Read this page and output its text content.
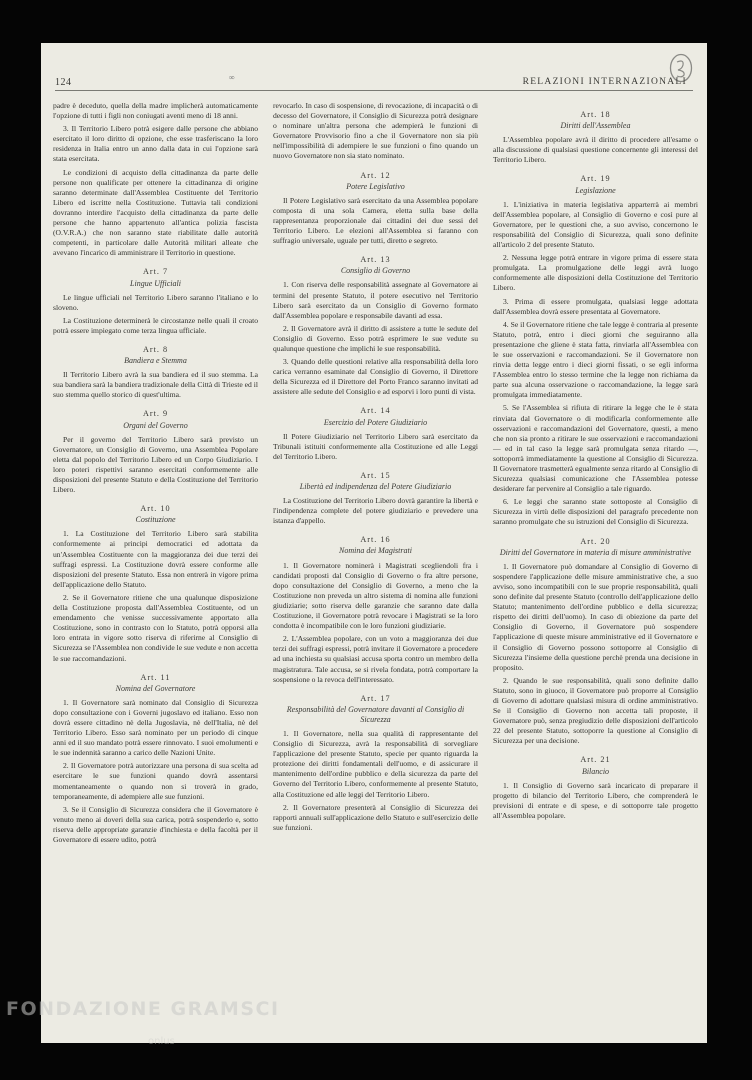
124	∞	RELAZIONI INTERNAZIONALI

padre è deceduto, quella della madre implicherà automaticamente l'opzione di tutti i figli non coniugati aventi meno di 18 anni.

3. Il Territorio Libero potrà esigere dalle persone che abbiano esercitato il loro diritto di opzione, che esse trasferiscano la loro residenza in Italia entro un anno dalla data in cui l'opzione sarà stata esercitata.

Le condizioni di acquisto della cittadinanza da parte delle persone non qualificate per ottenere la cittadinanza di origine saranno determinate dall'Assemblea Costituente del Territorio Libero ed iscritte nella Costituzione. Tuttavia tali condizioni dovranno interdire l'acquisto della cittadinanza da parte delle persone che hanno appartenuto all'antica polizia fascista (O.V.R.A.) che non saranno state riabilitate dalle autorità competenti, in particolare dalle Autorità militari alleate che avevano l'incarico di amministrare il Territorio in questione.

Art. 7
Lingue Ufficiali

Le lingue ufficiali nel Territorio Libero saranno l'italiano e lo sloveno.

La Costituzione determinerà le circostanze nelle quali il croato potrà essere impiegato come terza lingua ufficiale.

Art. 8
Bandiera e Stemma

Il Territorio Libero avrà la sua bandiera ed il suo stemma. La sua bandiera sarà la bandiera tradizionale della Città di Trieste ed il suo stemma quello storico di quest'ultima.

Art. 9
Organi del Governo

Per il governo del Territorio Libero sarà previsto un Governatore, un Consiglio di Governo, una Assemblea Popolare eletta dal popolo del Territorio Libero ed un Corpo Giudiziario. I loro poteri rispettivi saranno esercitati conformemente alle disposizioni del presente Statuto e della Costituzione del Territorio Libero.

Art. 10
Costituzione

1. La Costituzione del Territorio Libero sarà stabilita conformemente ai principi democratici ed adottata da un'Assemblea Costituente con la maggioranza dei due terzi dei suffragi espressi. La Costituzione dovrà essere conforme alle disposizioni del presente Statuto. Essa non entrerà in vigore prima dell'applicazione dello Statuto.

2. Se il Governatore ritiene che una qualunque disposizione della Costituzione proposta dall'Assemblea Costituente, od un emendamento che venisse successivamente apportato alla Costituzione, sono in contrasto con lo Statuto, potrà opporsi alla loro entrata in vigore sotto riserva di riferirne al Consiglio di Sicurezza se l'Assemblea non condivide le sue vedute e non accetta le sue raccomandazioni.

Art. 11
Nomina del Governatore

1. Il Governatore sarà nominato dal Consiglio di Sicurezza dopo consultazione con i Governi jugoslavo ed italiano. Esso non dovrà essere cittadino nè della Jugoslavia, nè dell'Italia, nè del Territorio Libero. Esso sarà nominato per un periodo di cinque anni ed il suo mandato potrà essere rinnovato. I suoi emolumenti e le sue indennità saranno a carico delle Nazioni Unite.

2. Il Governatore potrà autorizzare una persona di sua scelta ad esercitare le sue funzioni quando dovrà assentarsi momentaneamente o quando non si troverà in grado, temporaneamente, di adempiere alle sue funzioni.

3. Se il Consiglio di Sicurezza considera che il Governatore è venuto meno ai doveri della sua carica, potrà sospenderlo e, sotto riserva delle appropriate garanzie d'inchiesta e della facoltà per il Governatore di essere udito, potrà

revocarlo. In caso di sospensione, di revocazione, di incapacità o di decesso del Governatore, il Consiglio di Sicurezza potrà designare o nominare un'altra persona che adempierà le funzioni di Governatore Provvisorio fino a che il Governatore non sia più nell'impossibilità di adempiere le sue funzioni o fino quando un nuovo Governatore non sia stato nominato.

Art. 12
Potere Legislativo

Il Potere Legislativo sarà esercitato da una Assemblea popolare composta di una sola Camera, eletta sulla base della rappresentanza proporzionale dai cittadini dei due sessi del Territorio Libero. Le elezioni all'Assemblea si faranno con suffragio universale, uguale per tutti, diretto e segreto.

Art. 13
Consiglio di Governo

1. Con riserva delle responsabilità assegnate al Governatore ai termini del presente Statuto, il potere esecutivo nel Territorio Libero sarà esercitato da un Consiglio di Governo formato dall'Assemblea popolare e responsabile davanti ad essa.

2. Il Governatore avrà il diritto di assistere a tutte le sedute del Consiglio di Governo. Esso potrà esprimere le sue vedute su qualunque questione che implichi le sue responsabilità.

3. Quando delle questioni relative alla responsabilità della loro carica verranno esaminate dal Consiglio di Governo, il Direttore della Sicurezza ed il Direttore del Porto Franco saranno invitati ad assistere alle sedute del Consiglio e ad esporvi i loro punti di vista.

Art. 14
Esercizio del Potere Giudiziario

Il Potere Giudiziario nel Territorio Libero sarà esercitato da Tribunali istituiti conformemente alla Costituzione ed alle Leggi del Territorio Libero.

Art. 15
Libertà ed indipendenza del Potere Giudiziario

La Costituzione del Territorio Libero dovrà garantire la libertà e l'indipendenza complete del potere giudiziario e prevedere una istanza d'appello.

Art. 16
Nomina dei Magistrati

1. Il Governatore nominerà i Magistrati scegliendoli fra i candidati proposti dal Consiglio di Governo o fra altre persone, dopo consultazione del Consiglio di Governo, a meno che la Costituzione non preveda un altro sistema di nomina alle funzioni giudiziarie; sotto riserva delle garanzie che saranno date dalla Costituzione, il Governatore potrà revocare i Magistrati se la loro condotta è incompatibile con le loro funzioni giudiziarie.

2. L'Assemblea popolare, con un voto a maggioranza dei due terzi dei suffragi espressi, potrà invitare il Governatore a procedere ad una inchiesta su qualsiasi accusa sporta contro un membro della magistratura. Tale accusa, se si rivela fondata, potrà comportare la sospensione o la revoca dell'interessato.

Art. 17
Responsabilità del Governatore davanti al Consiglio di Sicurezza

1. Il Governatore, nella sua qualità di rappresentante del Consiglio di Sicurezza, avrà la responsabilità di sorvegliare l'applicazione del presente Statuto, specie per quanto riguarda la protezione dei diritti fondamentali dell'uomo, e di assicurare il mantenimento dell'ordine pubblico e della sicurezza da parte del Governo del Territorio Libero, conformemente al presente Statuto, alla Costituzione ed alle leggi del Territorio Libero.

2. Il Governatore presenterà al Consiglio di Sicurezza dei rapporti annuali sull'applicazione dello Statuto e sull'esercizio delle sue funzioni.

Art. 18
Diritti dell'Assemblea

L'Assemblea popolare avrà il diritto di procedere all'esame o alla discussione di qualsiasi questione concernente gli interessi del Territorio Libero.

Art. 19
Legislazione

1. L'iniziativa in materia legislativa apparterrà ai membri dell'Assemblea popolare, al Consiglio di Governo e così pure al Governatore, per le questioni che, a suo avviso, concernono le responsabilità del Consiglio di Sicurezza, quali sono definite all'articolo 2 del presente Statuto.

2. Nessuna legge potrà entrare in vigore prima di essere stata promulgata. La promulgazione delle leggi avrà luogo conformemente alle disposizioni della Costituzione del Territorio Libero.

3. Prima di essere promulgata, qualsiasi legge adottata dall'Assemblea dovrà essere presentata al Governatore.

4. Se il Governatore ritiene che tale legge è contraria al presente Statuto, potrà, entro i dieci giorni che seguiranno alla presentazione che gliene è stata fatta, rinviarla all'Assemblea con le sue osservazioni e raccomandazioni. Se il Governatore non rinvia detta legge entro i dieci giorni fissati, o se egli informa l'Assemblea entro lo stesso termine che la legge non richiama da parte sua alcuna osservazione o raccomandazione, la legge sarà promulgata immediatamente.

5. Se l'Assemblea si rifiuta di ritirare la legge che le è stata rinviata dal Governatore o di modificarla conformemente alle osservazioni e raccomandazioni del Governatore, questi, a meno che non sia pronto a ritirare le sue osservazioni e raccomandazioni — ed in tal caso la legge sarà promulgata senza ritardo —, sottoporrà immediatamente la questione al Consiglio di Sicurezza. Il Governatore trasmetterà egualmente senza ritardo al Consiglio di Sicurezza qualsiasi comunicazione che l'Assemblea potesse desiderare far pervenire al Consiglio a tale riguardo.

6. Le leggi che saranno state sottoposte al Consiglio di Sicurezza in virtù delle disposizioni del paragrafo precedente non saranno promulgate che su istruzioni del Consiglio di Sicurezza.

Art. 20
Diritti del Governatore in materia di misure amministrative

1. Il Governatore può domandare al Consiglio di Governo di sospendere l'applicazione delle misure amministrative che, a suo avviso, sono incompatibili con le sue proprie responsabilità, quali sono definite dal presente Statuto (controllo dell'applicazione dello Statuto; mantenimento dell'ordine pubblico e della sicurezza; rispetto dei diritti dell'uomo). In caso di obiezione da parte del Consiglio di Governo, il Governatore può sospendere l'applicazione di queste misure amministrative ed il Governatore e il Consiglio di Governo possono sottoporre al Consiglio di Sicurezza l'insieme della questione perchè prenda una decisione in proposito.

2. Quando le sue responsabilità, quali sono definite dallo Statuto, sono in giuoco, il Governatore può proporre al Consiglio di Governo di adottare qualsiasi misura di ordine amministrativo. Se il Consiglio di Governo non accetta tali proposte, il Governatore può, senza pregiudizio delle disposizioni dell'articolo 22 del presente Statuto, sottoporre la questione al Consiglio di Sicurezza per una decisione.

Art. 21
Bilancio

1. Il Consiglio di Governo sarà incaricato di preparare il progetto di bilancio del Territorio Libero, che comprenderà le previsioni di entrate e di spese, e di sottoporre tale progetto all'Assemblea popolare.

FONDAZIONE GRAMSCI
onlus
